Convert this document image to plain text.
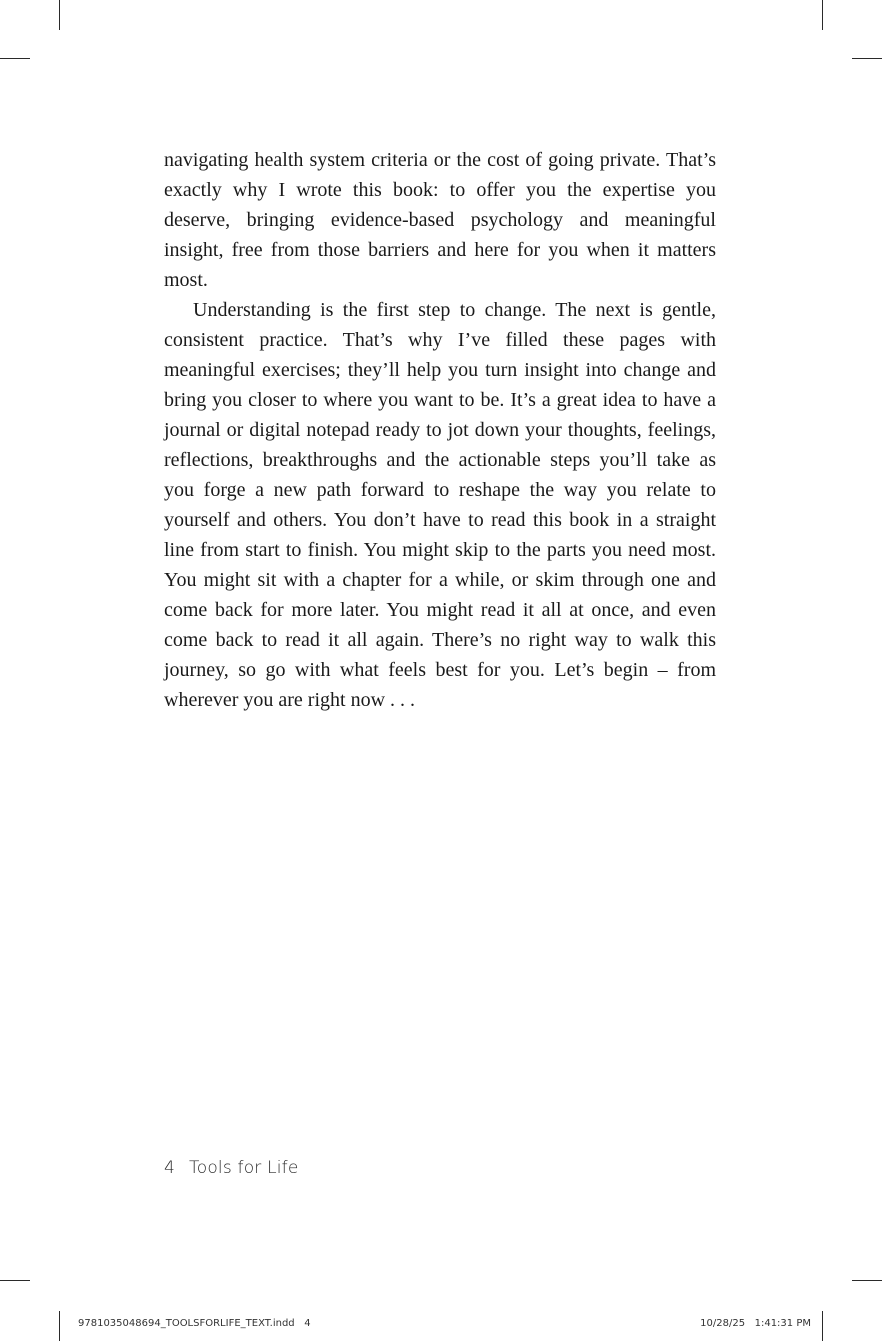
navigating health system criteria or the cost of going private. That’s exactly why I wrote this book: to offer you the expertise you deserve, bringing evidence-based psychology and meaningful insight, free from those barriers and here for you when it matters most.

Understanding is the first step to change. The next is gentle, consistent practice. That’s why I’ve filled these pages with meaningful exercises; they’ll help you turn insight into change and bring you closer to where you want to be. It’s a great idea to have a journal or digital notepad ready to jot down your thoughts, feelings, reflections, breakthroughs and the actionable steps you’ll take as you forge a new path forward to reshape the way you relate to yourself and others. You don’t have to read this book in a straight line from start to finish. You might skip to the parts you need most. You might sit with a chapter for a while, or skim through one and come back for more later. You might read it all at once, and even come back to read it all again. There’s no right way to walk this journey, so go with what feels best for you. Let’s begin – from wherever you are right now . . .

4 Tools for Life
9781035048694_TOOLSFORLIFE_TEXT.indd   4	10/28/25   1:41:31 PM
